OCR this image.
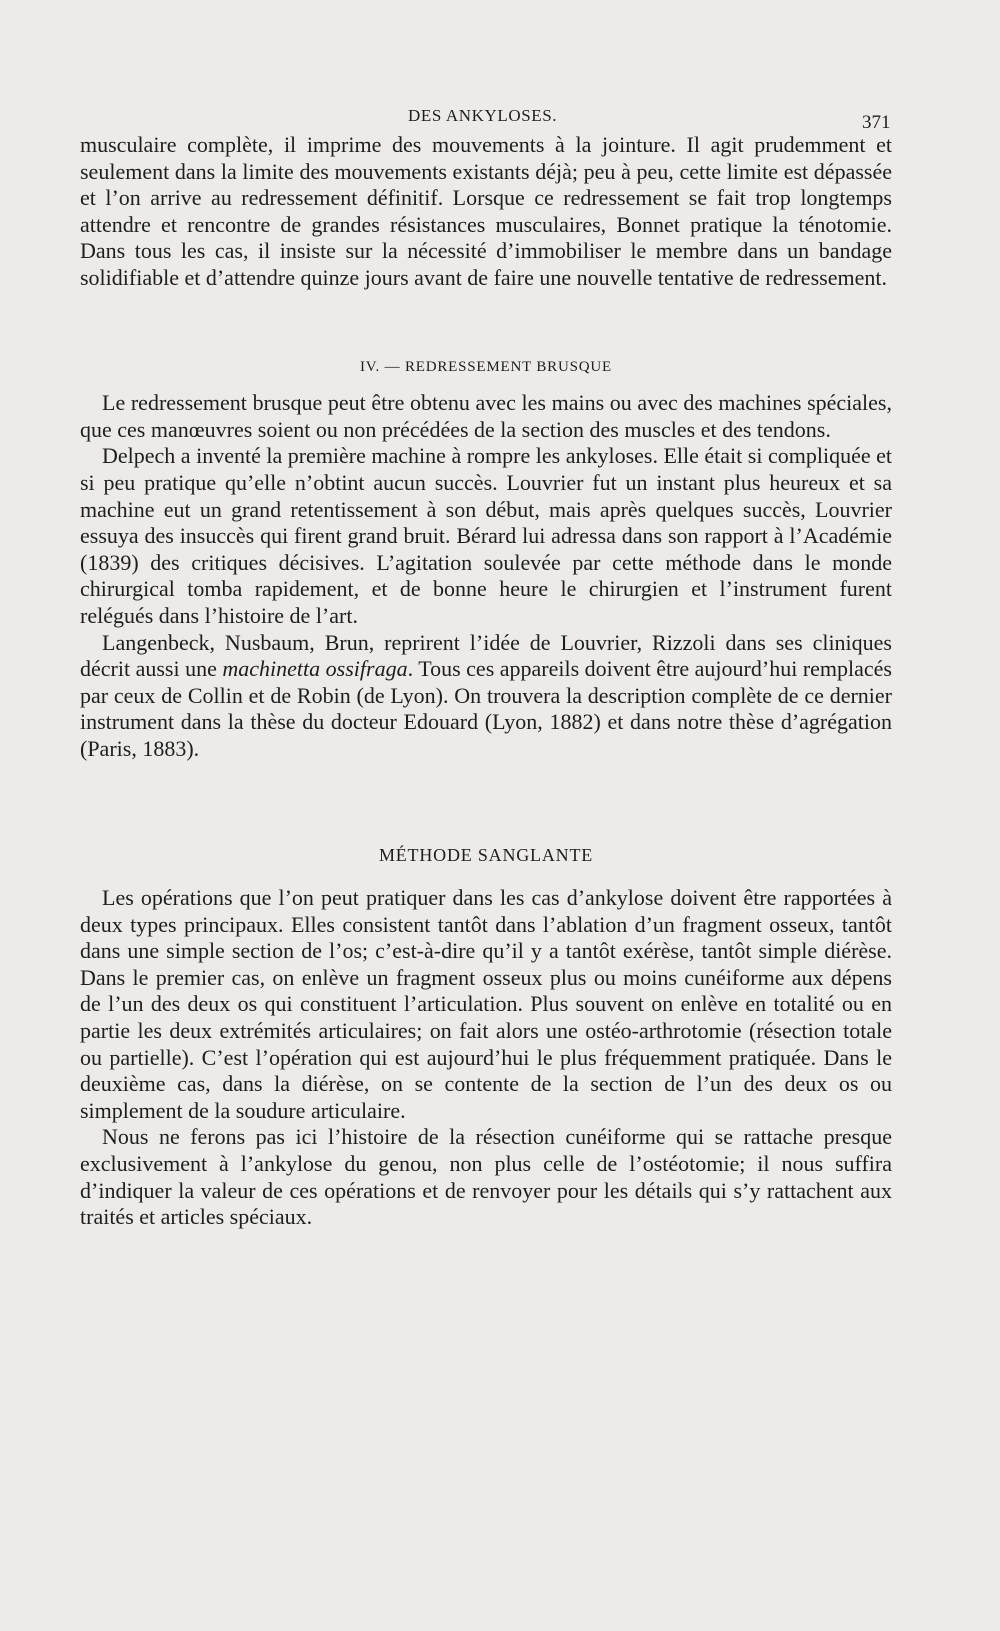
DES ANKYLOSES.	371

musculaire complète, il imprime des mouvements à la jointure. Il agit prudemment et seulement dans la limite des mouvements existants déjà; peu à peu, cette limite est dépassée et l’on arrive au redressement définitif. Lorsque ce redressement se fait trop longtemps attendre et rencontre de grandes résistances musculaires, Bonnet pratique la ténotomie. Dans tous les cas, il insiste sur la nécessité d’immobiliser le membre dans un bandage solidifiable et d’attendre quinze jours avant de faire une nouvelle tentative de redressement.

IV. — REDRESSEMENT BRUSQUE

Le redressement brusque peut être obtenu avec les mains ou avec des machines spéciales, que ces manœuvres soient ou non précédées de la section des muscles et des tendons.

Delpech a inventé la première machine à rompre les ankyloses. Elle était si compliquée et si peu pratique qu’elle n’obtint aucun succès. Louvrier fut un instant plus heureux et sa machine eut un grand retentissement à son début, mais après quelques succès, Louvrier essuya des insuccès qui firent grand bruit. Bérard lui adressa dans son rapport à l’Académie (1839) des critiques décisives. L’agitation soulevée par cette méthode dans le monde chirurgical tomba rapidement, et de bonne heure le chirurgien et l’instrument furent relégués dans l’histoire de l’art.

Langenbeck, Nusbaum, Brun, reprirent l’idée de Louvrier, Rizzoli dans ses cliniques décrit aussi une machinetta ossifraga. Tous ces appareils doivent être aujourd’hui remplacés par ceux de Collin et de Robin (de Lyon). On trouvera la description complète de ce dernier instrument dans la thèse du docteur Edouard (Lyon, 1882) et dans notre thèse d’agrégation (Paris, 1883).

MÉTHODE SANGLANTE

Les opérations que l’on peut pratiquer dans les cas d’ankylose doivent être rapportées à deux types principaux. Elles consistent tantôt dans l’ablation d’un fragment osseux, tantôt dans une simple section de l’os; c’est-à-dire qu’il y a tantôt exérèse, tantôt simple diérèse. Dans le premier cas, on enlève un fragment osseux plus ou moins cunéiforme aux dépens de l’un des deux os qui constituent l’articulation. Plus souvent on enlève en totalité ou en partie les deux extrémités articulaires; on fait alors une ostéo-arthrotomie (résection totale ou partielle). C’est l’opération qui est aujourd’hui le plus fréquemment pratiquée. Dans le deuxième cas, dans la diérèse, on se contente de la section de l’un des deux os ou simplement de la soudure articulaire.

Nous ne ferons pas ici l’histoire de la résection cunéiforme qui se rattache presque exclusivement à l’ankylose du genou, non plus celle de l’ostéotomie; il nous suffira d’indiquer la valeur de ces opérations et de renvoyer pour les détails qui s’y rattachent aux traités et articles spéciaux.
